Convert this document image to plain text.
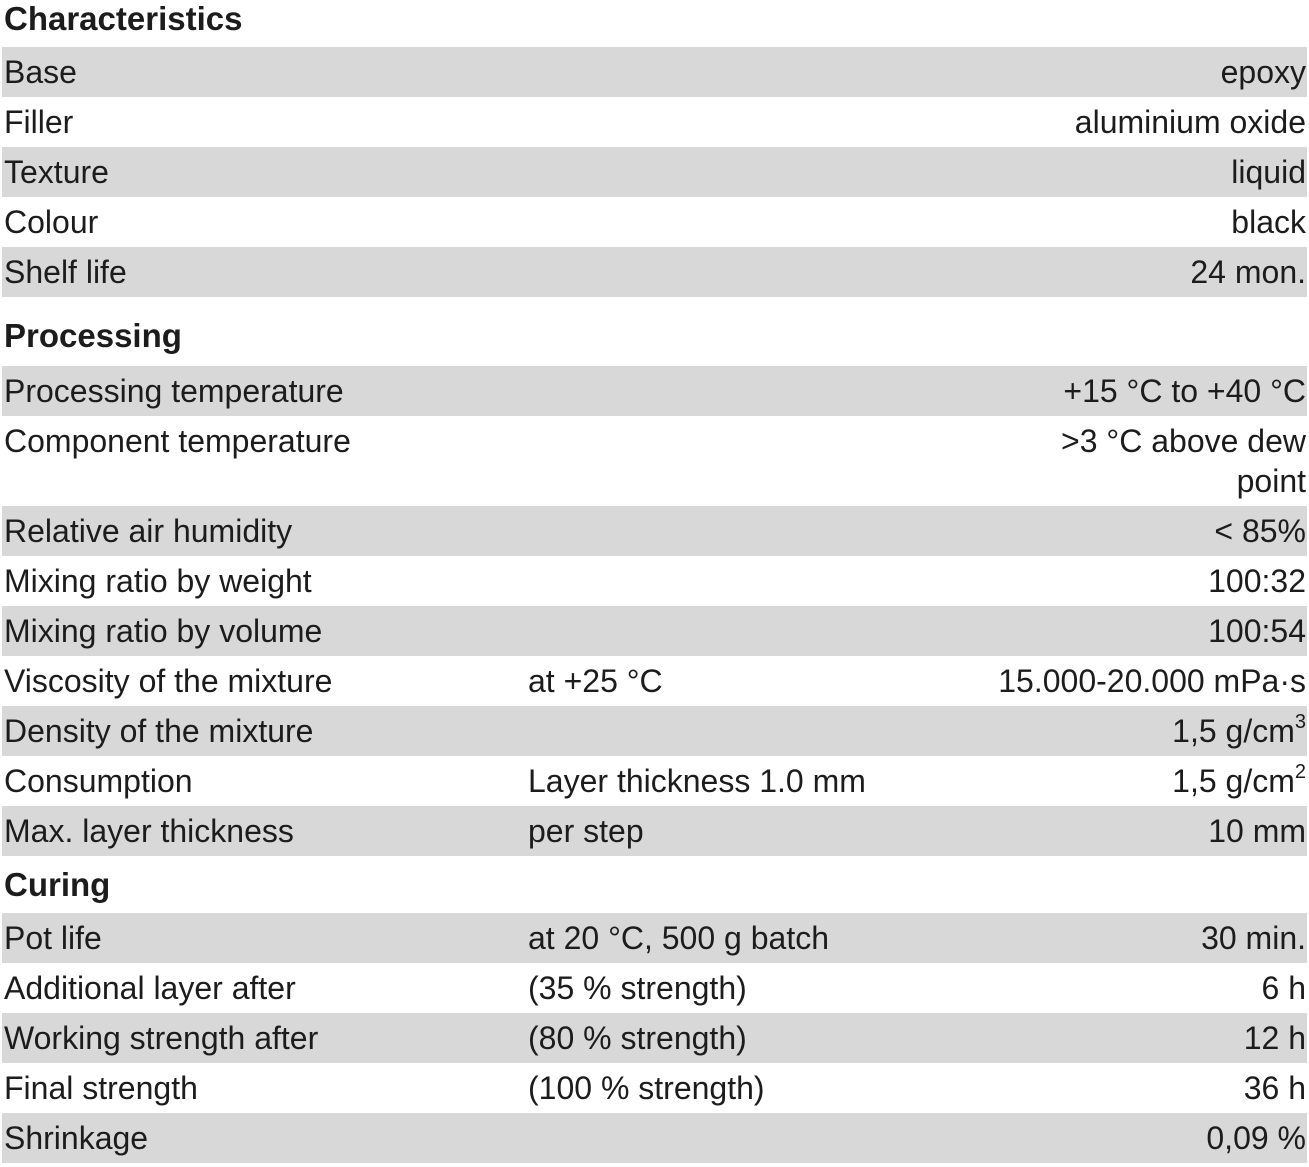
Characteristics
Base	epoxy
Filler	aluminium oxide
Texture	liquid
Colour	black
Shelf life	24 mon.
Processing
Processing temperature	+15 °C to +40 °C
Component temperature	>3 °C above dew point
Relative air humidity	< 85%
Mixing ratio by weight	100:32
Mixing ratio by volume	100:54
Viscosity of the mixture	at +25 °C	15.000-20.000 mPa·s
Density of the mixture	1,5 $g/cm^3$
Consumption	Layer thickness 1.0 mm	1,5 $g/cm^2$
Max. layer thickness	per step	10 mm
Curing
Pot life	at 20 °C, 500 g batch	30 min.
Additional layer after	(35 % strength)	6 h
Working strength after	(80 % strength)	12 h
Final strength	(100 % strength)	36 h
Shrinkage	0,09 %
